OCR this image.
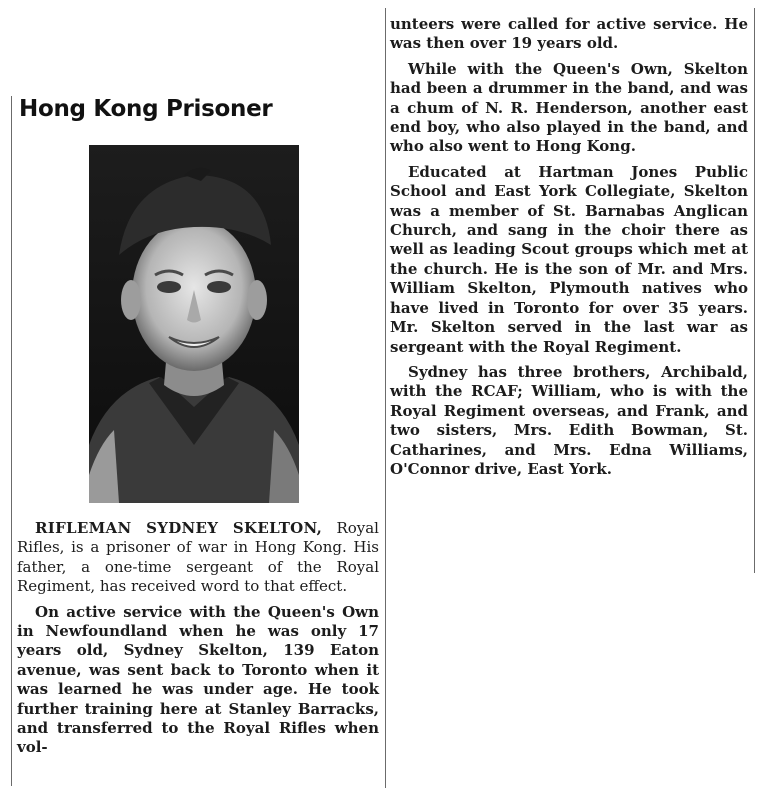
Hong Kong Prisoner

RIFLEMAN SYDNEY SKELTON, Royal Rifles, is a prisoner of war in Hong Kong. His father, a one-time sergeant of the Royal Regiment, has received word to that effect.

On active service with the Queen's Own in Newfoundland when he was only 17 years old, Sydney Skelton, 139 Eaton avenue, was sent back to Toronto when it was learned he was under age. He took further training here at Stanley Barracks, and transferred to the Royal Rifles when vol-

unteers were called for active service. He was then over 19 years old.

While with the Queen's Own, Skelton had been a drummer in the band, and was a chum of N. R. Henderson, another east end boy, who also played in the band, and who also went to Hong Kong.

Educated at Hartman Jones Public School and East York Collegiate, Skelton was a member of St. Barnabas Anglican Church, and sang in the choir there as well as leading Scout groups which met at the church. He is the son of Mr. and Mrs. William Skelton, Plymouth natives who have lived in Toronto for over 35 years. Mr. Skelton served in the last war as sergeant with the Royal Regiment.

Sydney has three brothers, Archibald, with the RCAF; William, who is with the Royal Regiment overseas, and Frank, and two sisters, Mrs. Edith Bowman, St. Catharines, and Mrs. Edna Williams, O'Connor drive, East York.
